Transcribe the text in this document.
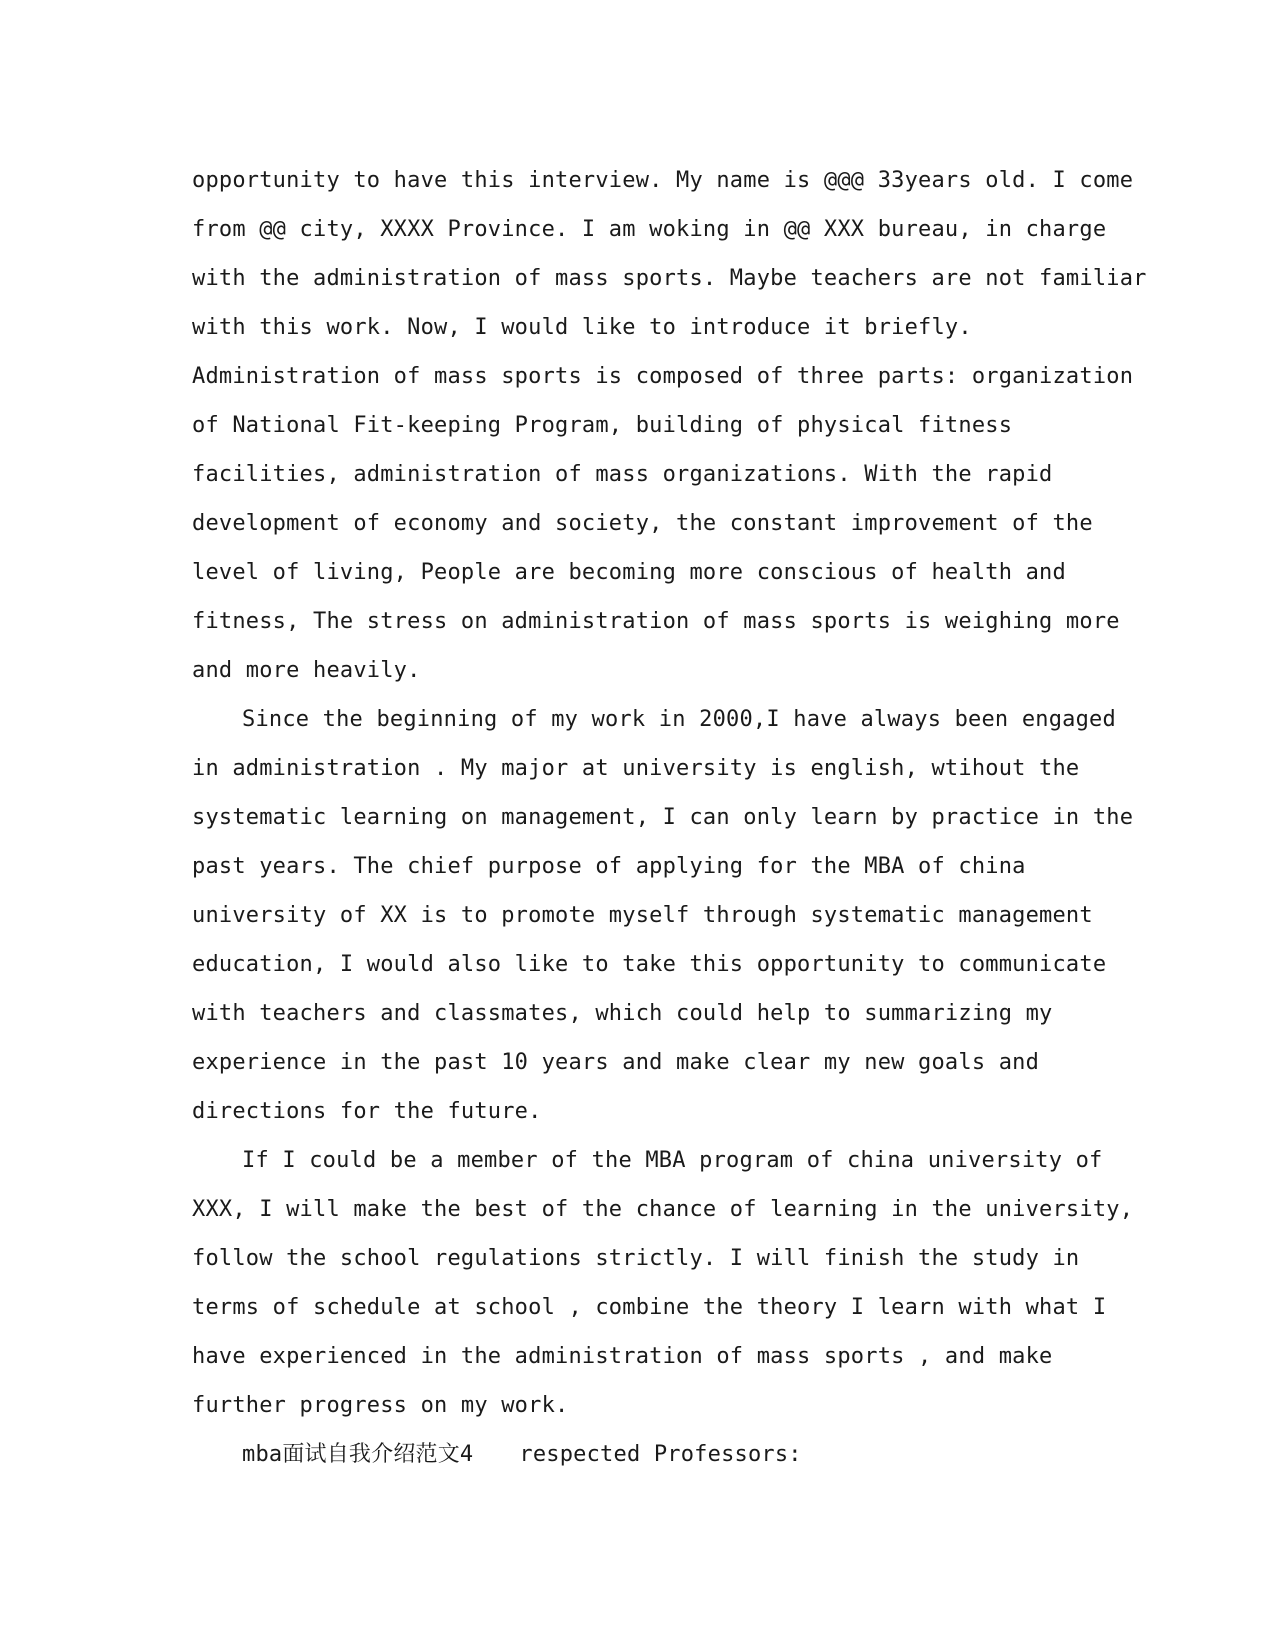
opportunity to have this interview. My name is @@@ 33years old. I come
from @@ city, XXXX Province. I am woking in @@ XXX bureau, in charge
with the administration of mass sports. Maybe teachers are not familiar
with this work. Now, I would like to introduce it briefly.
Administration of mass sports is composed of three parts: organization
of National Fit-keeping Program, building of physical fitness
facilities, administration of mass organizations. With the rapid
development of economy and society, the constant improvement of the
level of living, People are becoming more conscious of health and
fitness, The stress on administration of mass sports is weighing more
and more heavily.
Since the beginning of my work in 2000,I have always been engaged
in administration . My major at university is english, wtihout the
systematic learning on management, I can only learn by practice in the
past years. The chief purpose of applying for the MBA of china
university of XX is to promote myself through systematic management
education, I would also like to take this opportunity to communicate
with teachers and classmates, which could help to summarizing my
experience in the past 10 years and make clear my new goals and
directions for the future.
If I could be a member of the MBA program of china university of
XXX, I will make the best of the chance of learning in the university,
follow the school regulations strictly. I will finish the study in
terms of schedule at school , combine the theory I learn with what I
have experienced in the administration of mass sports , and make
further progress on my work.
mba面试自我介绍范文4 respected Professors:
